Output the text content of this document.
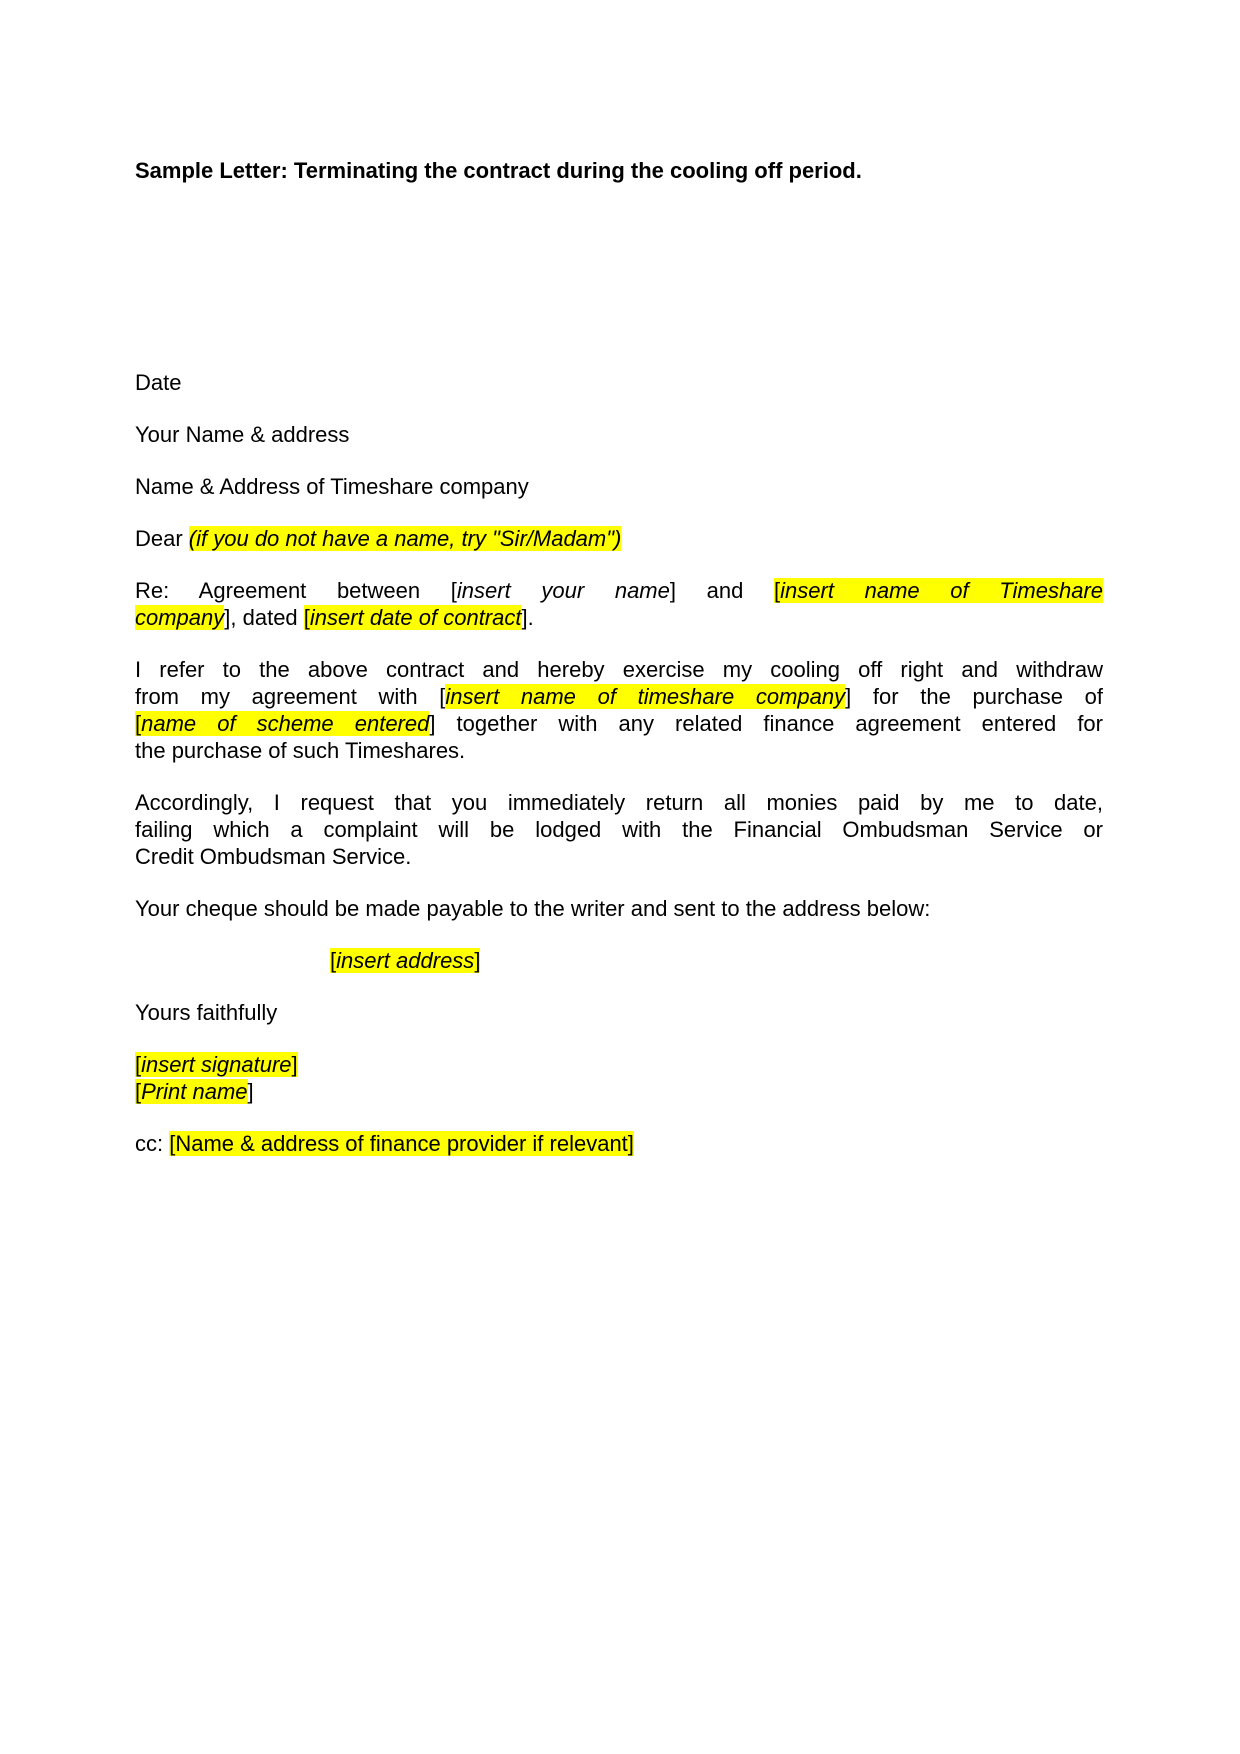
Sample Letter: Terminating the contract during the cooling off period.
Date
Your Name & address
Name & Address of Timeshare company
Dear (if you do not have a name, try "Sir/Madam")
Re: Agreement between [insert your name] and [insert name of Timeshare
company], dated [insert date of contract].
I refer to the above contract and hereby exercise my cooling off right and withdraw
from my agreement with [insert name of timeshare company] for the purchase of
[name of scheme entered] together with any related finance agreement entered for
the purchase of such Timeshares.
Accordingly, I request that you immediately return all monies paid by me to date,
failing which a complaint will be lodged with the Financial Ombudsman Service or
Credit Ombudsman Service.
Your cheque should be made payable to the writer and sent to the address below:
[insert address]
Yours faithfully
[insert signature]
[Print name]
cc: [Name & address of finance provider if relevant]
